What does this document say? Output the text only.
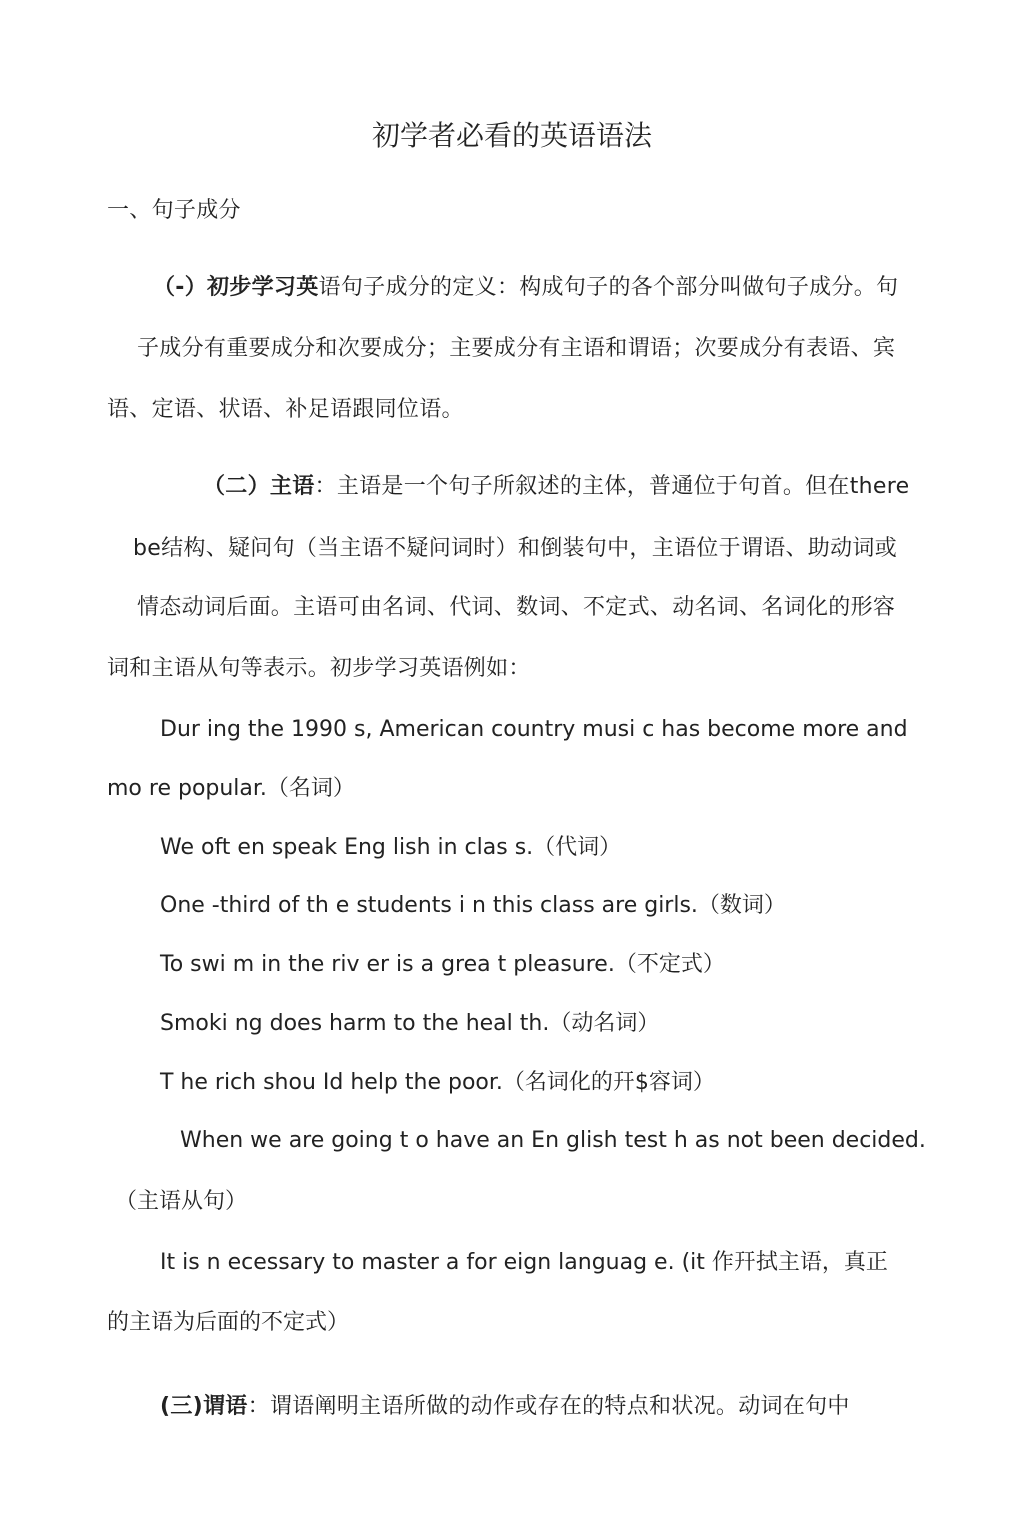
初学者必看的英语语法
一、句子成分
（-）初步学习英语句子成分的定义：构成句子的各个部分叫做句子成分。句
子成分有重要成分和次要成分；主要成分有主语和谓语；次要成分有表语、宾
语、定语、状语、补足语跟同位语。
（二）主语：主语是一个句子所叙述的主体，普通位于句首。但在there
be结构、疑问句（当主语不疑问词时）和倒装句中，主语位于谓语、助动词或
情态动词后面。主语可由名词、代词、数词、不定式、动名词、名词化的形容
词和主语从句等表示。初步学习英语例如：
Dur ing the 1990 s, American country musi c has become more and
mo re popular.（名词）
We oft en speak Eng lish in clas s.（代词）
One -third of th e students i n this class are girls.（数词）
To swi m in the riv er is a grea t pleasure.（不定式）
Smoki ng does harm to the heal th.（动名词）
T he rich shou Id help the poor.（名词化的幵$容词）
When we are going t o have an En glish test h as not been decided.
（主语从句）
It is n ecessary to master a for eign languag e. (it 作幵拭主语，真正
的主语为后面的不定式）
(三)谓语：谓语阐明主语所做的动作或存在的特点和状况。动词在句中
